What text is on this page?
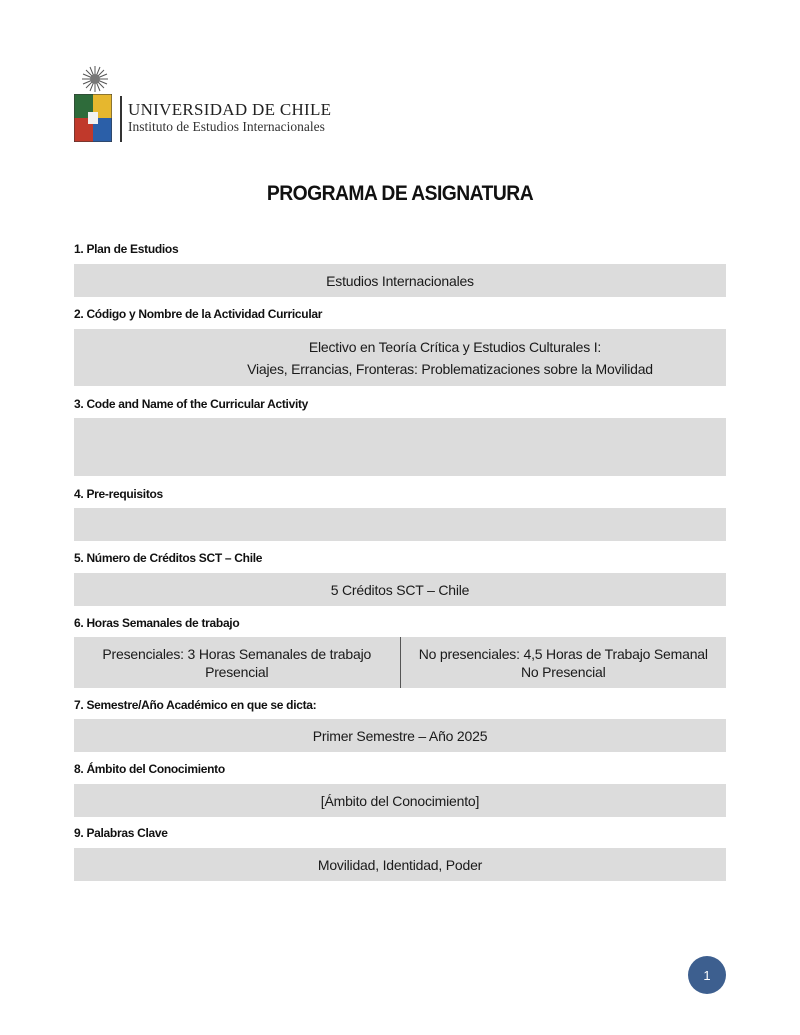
UNIVERSIDAD DE CHILE
Instituto de Estudios Internacionales
PROGRAMA DE ASIGNATURA
1. Plan de Estudios
Estudios Internacionales
2. Código y Nombre de la Actividad Curricular
Electivo en Teoría Crítica y Estudios Culturales I:
Viajes, Errancias, Fronteras: Problematizaciones sobre la Movilidad
3. Code and Name of the Curricular Activity
4. Pre-requisitos
5. Número de Créditos SCT – Chile
5 Créditos SCT – Chile
6. Horas Semanales de trabajo
Presenciales: 3 Horas Semanales de trabajo Presencial
No presenciales: 4,5 Horas de Trabajo Semanal No Presencial
7. Semestre/Año Académico en que se dicta:
Primer Semestre – Año 2025
8. Ámbito del Conocimiento
[Ámbito del Conocimiento]
9. Palabras Clave
Movilidad, Identidad, Poder
1
